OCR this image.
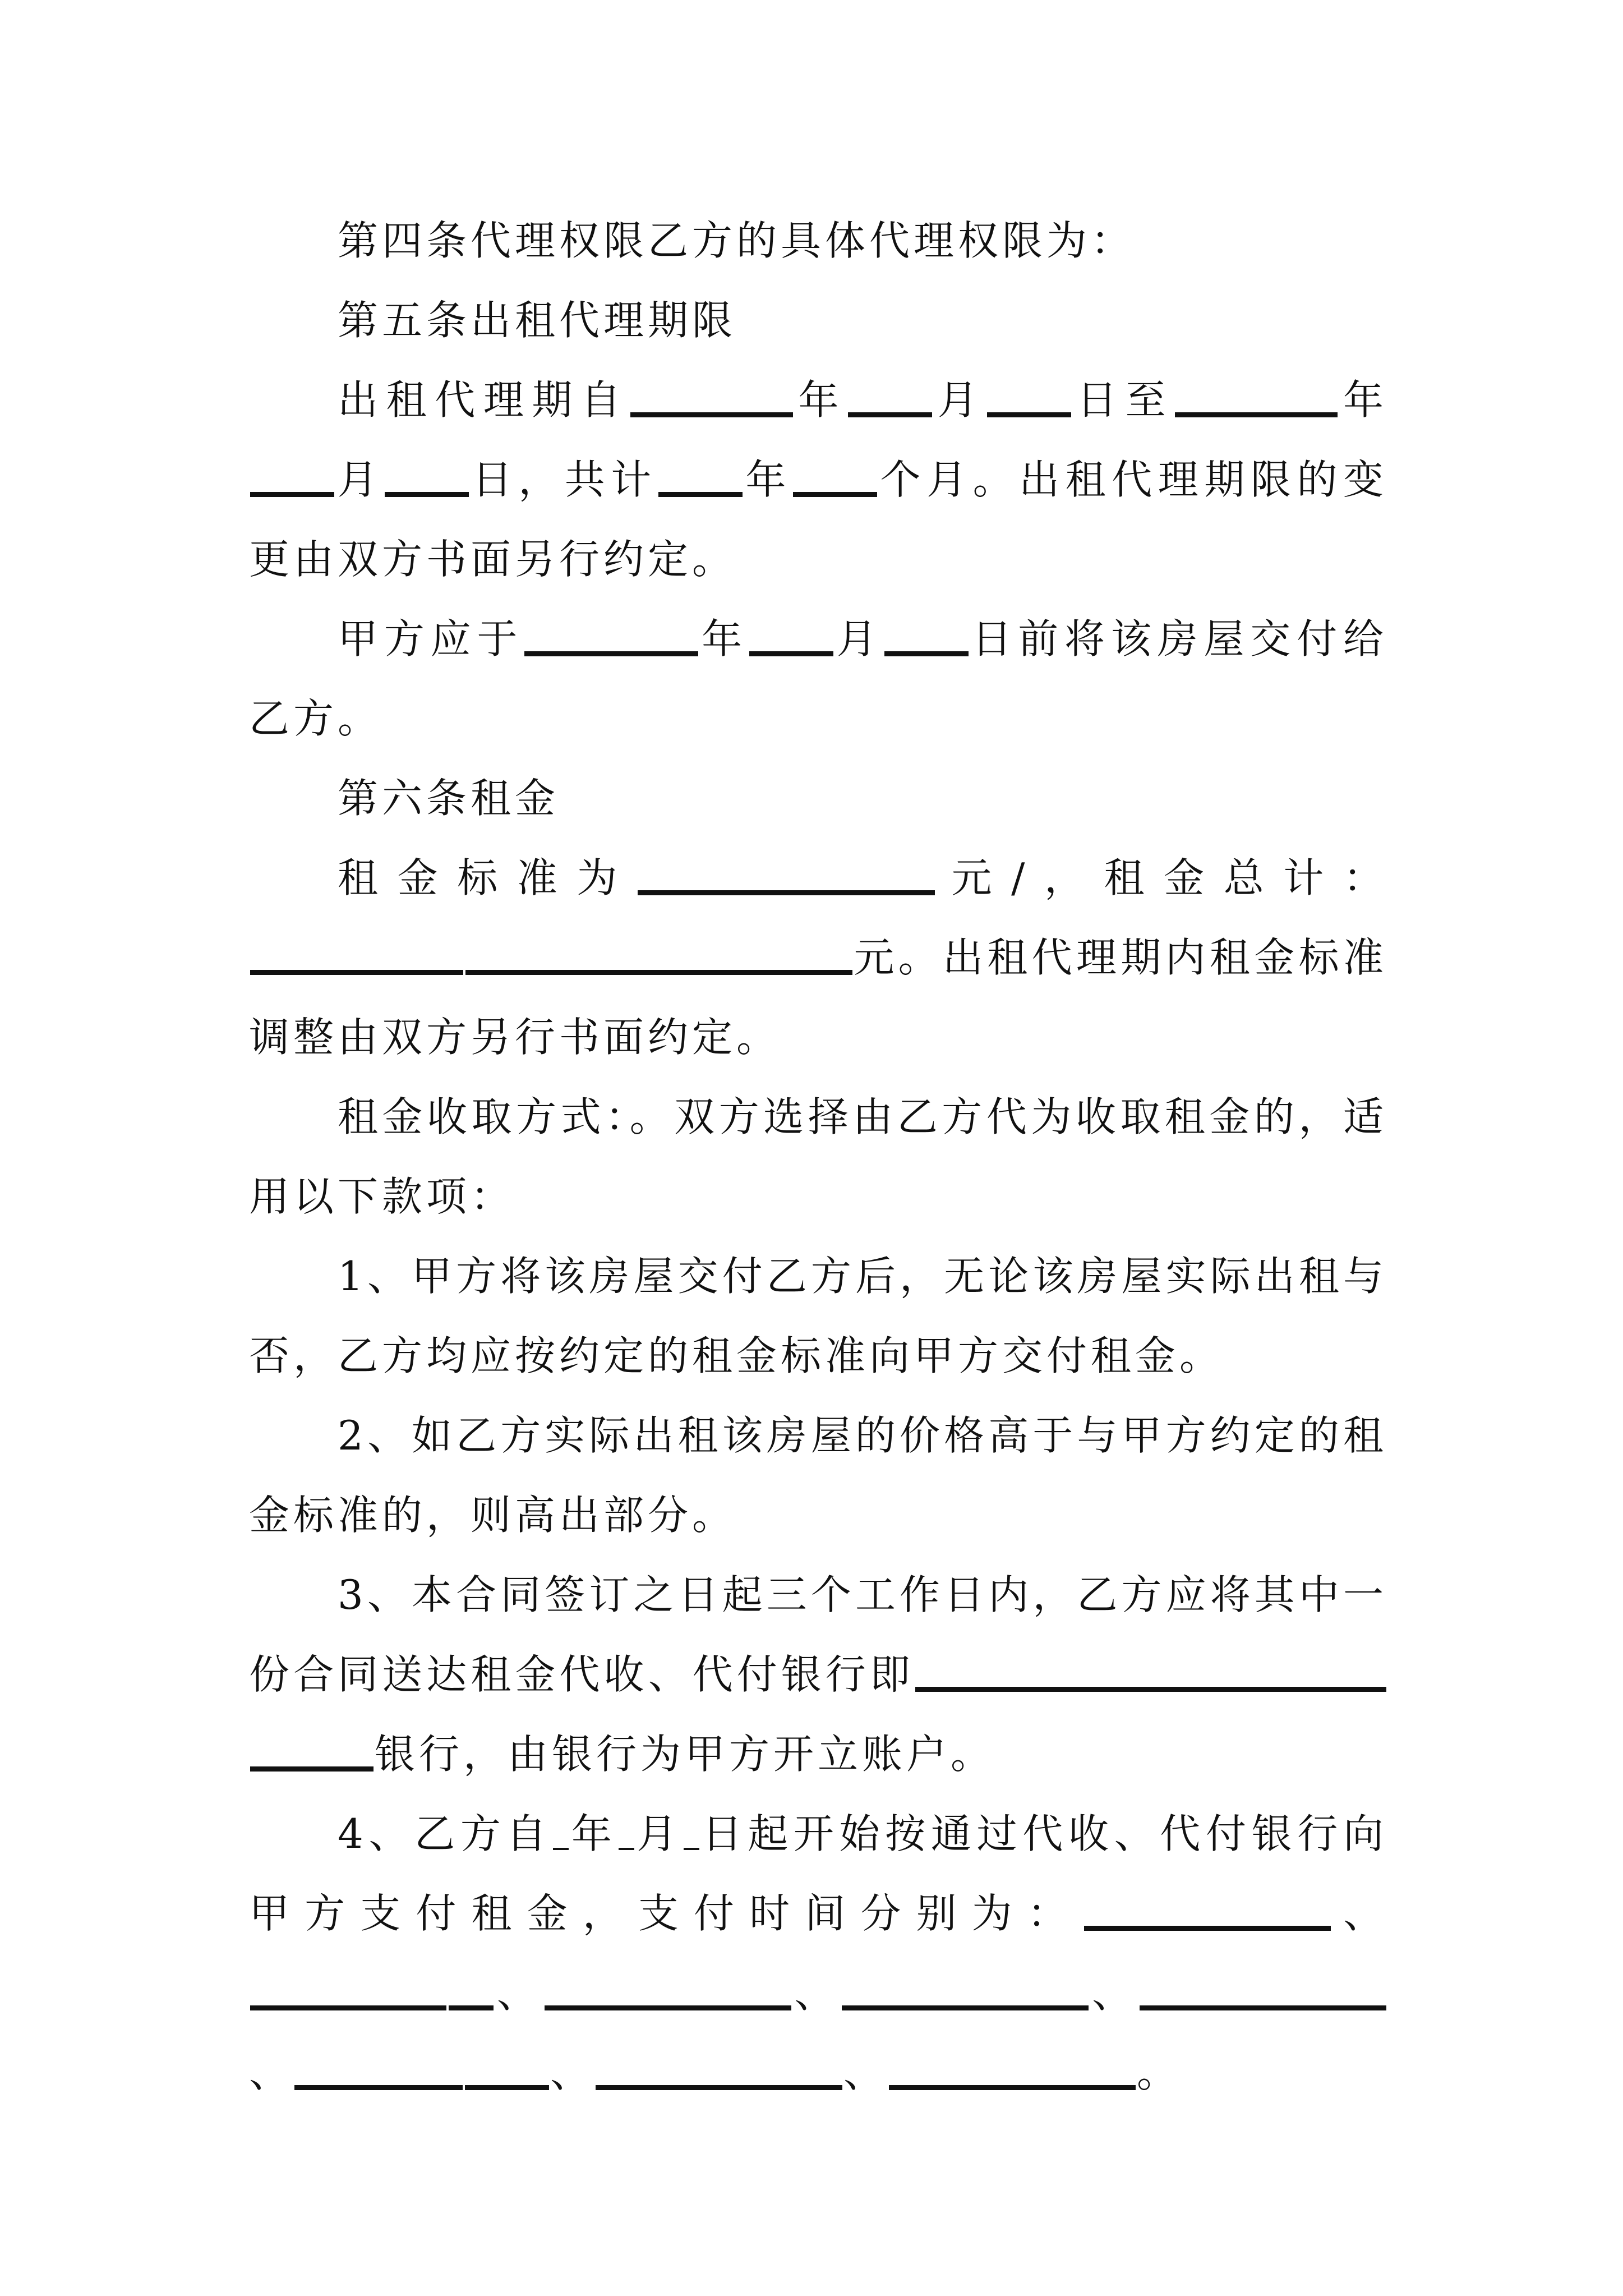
第四条代理权限乙方的具体代理权限为：

第五条出租代理期限

出租代理期自	年 月 日至	年月 日，共计 年 个月。出租代理期限的变更由双方书面另行约定。

甲方应于	年 月 日前将该房屋交付给乙方。

第六条租金

租金标准为	元/，租金总计：元。出租代理期内租金标准调整由双方另行书面约定。

租金收取方式：。双方选择由乙方代为收取租金的，适用以下款项：

1、甲方将该房屋交付乙方后，无论该房屋实际出租与否，乙方均应按约定的租金标准向甲方交付租金。

2、如乙方实际出租该房屋的价格高于与甲方约定的租金标准的，则高出部分。

3、本合同签订之日起三个工作日内，乙方应将其中一份合同送达租金代收、代付银行即银行，由银行为甲方开立账户。

4、乙方自 年 月 日起开始按通过代收、代付银行向甲方支付租金，支付时间分别为：	、、	、	、、	、	、	。
